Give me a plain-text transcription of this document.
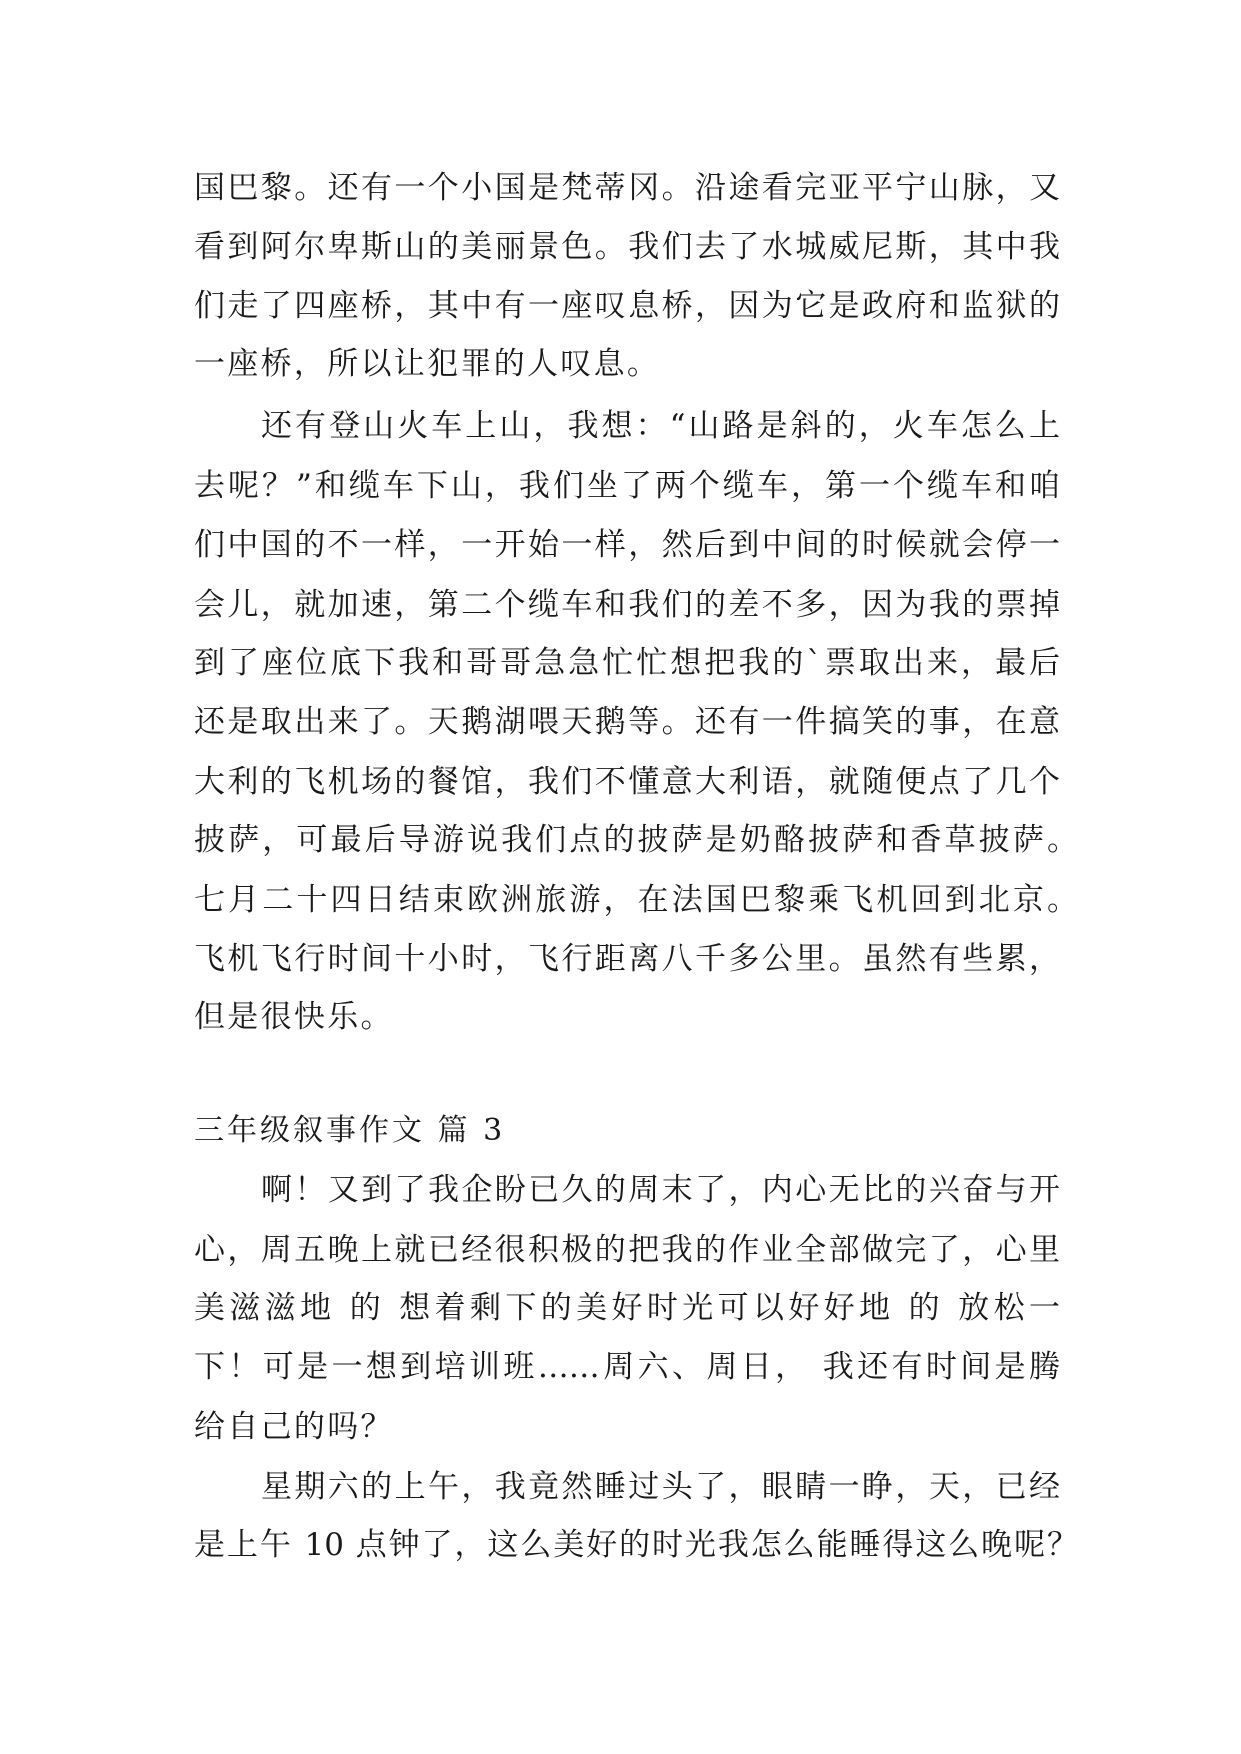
国巴黎。还有一个小国是梵蒂冈。沿途看完亚平宁山脉，又
看到阿尔卑斯山的美丽景色。我们去了水城威尼斯，其中我
们走了四座桥，其中有一座叹息桥，因为它是政府和监狱的
一座桥，所以让犯罪的人叹息。
还有登山火车上山，我想：“山路是斜的，火车怎么上
去呢？”和缆车下山，我们坐了两个缆车，第一个缆车和咱
们中国的不一样，一开始一样，然后到中间的时候就会停一
会儿，就加速，第二个缆车和我们的差不多，因为我的票掉
到了座位底下我和哥哥急急忙忙想把我的`票取出来，最后
还是取出来了。天鹅湖喂天鹅等。还有一件搞笑的事，在意
大利的飞机场的餐馆，我们不懂意大利语，就随便点了几个
披萨，可最后导游说我们点的披萨是奶酪披萨和香草披萨。
七月二十四日结束欧洲旅游，在法国巴黎乘飞机回到北京。
飞机飞行时间十小时，飞行距离八千多公里。虽然有些累，
但是很快乐。
三年级叙事作文 篇 3
啊！又到了我企盼已久的周末了，内心无比的兴奋与开
心，周五晚上就已经很积极的把我的作业全部做完了，心里
美滋滋地 的 想着剩下的美好时光可以好好地 的 放松一
下！可是一想到培训班……周六、周日， 我还有时间是腾
给自己的吗？
星期六的上午，我竟然睡过头了，眼睛一睁，天，已经
是上午 10 点钟了，这么美好的时光我怎么能睡得这么晚呢？
